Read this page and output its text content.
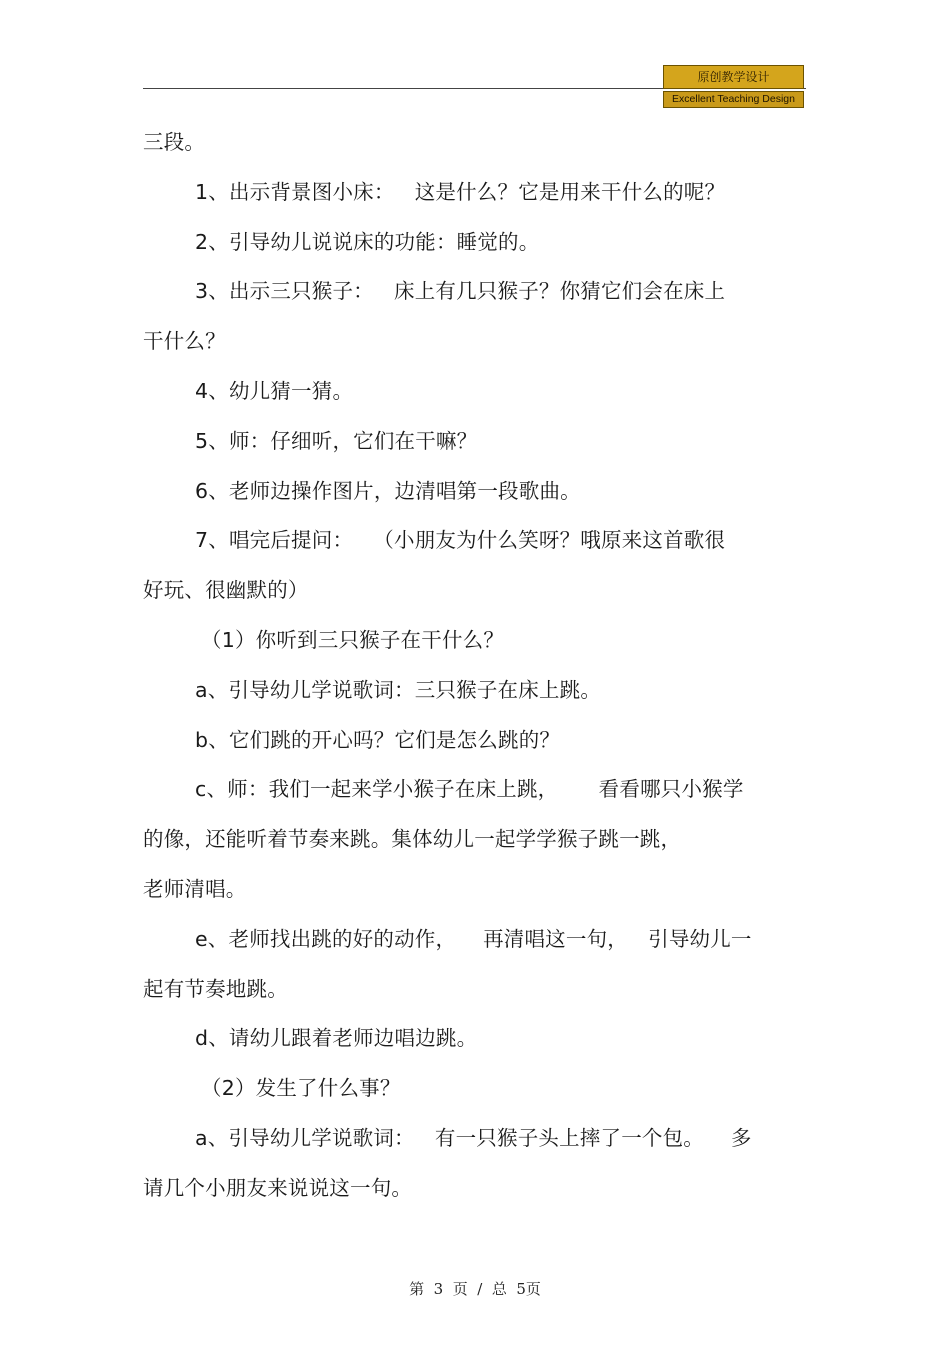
原创教学设计
Excellent Teaching Design

三段。

1、出示背景图小床：   这是什么？它是用来干什么的呢？

2、引导幼儿说说床的功能：睡觉的。

3、出示三只猴子：   床上有几只猴子？你猜它们会在床上

干什么？

4、幼儿猜一猜。

5、师：仔细听，它们在干嘛？

6、老师边操作图片，边清唱第一段歌曲。

7、唱完后提问：   （小朋友为什么笑呀？哦原来这首歌很

好玩、很幽默的）

（1）你听到三只猴子在干什么？

a、引导幼儿学说歌词：三只猴子在床上跳。

b、它们跳的开心吗？它们是怎么跳的？

c、师：我们一起来学小猴子在床上跳，      看看哪只小猴学

的像，还能听着节奏来跳。集体幼儿一起学学猴子跳一跳，

老师清唱。

e、老师找出跳的好的动作，    再清唱这一句，   引导幼儿一

起有节奏地跳。

d、请幼儿跟着老师边唱边跳。

（2）发生了什么事？

a、引导幼儿学说歌词：   有一只猴子头上摔了一个包。    多

请几个小朋友来说说这一句。

第  3  页  /  总  5页
